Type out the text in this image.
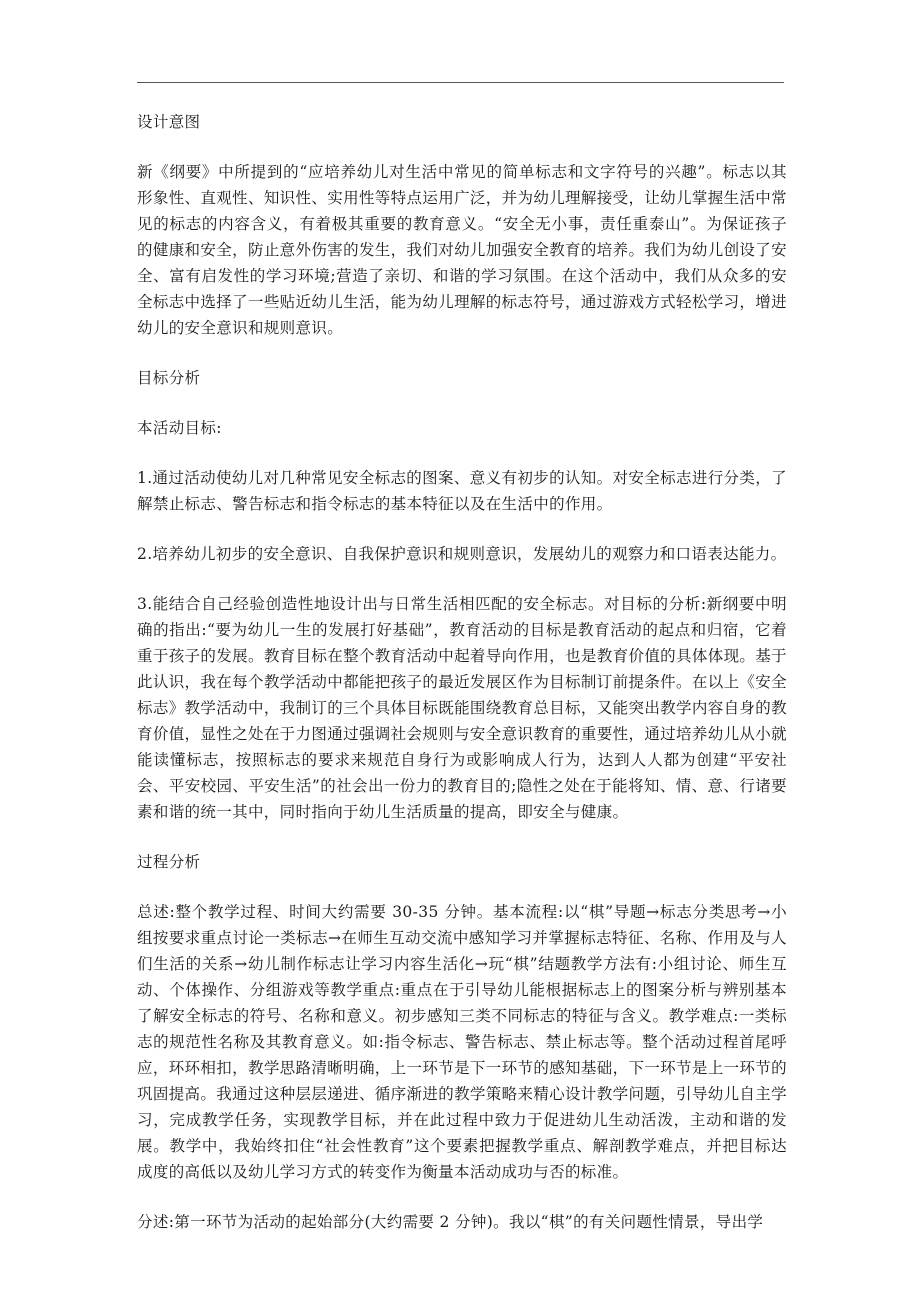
设计意图

新《纲要》中所提到的“应培养幼儿对生活中常见的简单标志和文字符号的兴趣”。标志以其形象性、直观性、知识性、实用性等特点运用广泛，并为幼儿理解接受，让幼儿掌握生活中常见的标志的内容含义，有着极其重要的教育意义。“安全无小事，责任重泰山”。为保证孩子的健康和安全，防止意外伤害的发生，我们对幼儿加强安全教育的培养。我们为幼儿创设了安全、富有启发性的学习环境;营造了亲切、和谐的学习氛围。在这个活动中，我们从众多的安全标志中选择了一些贴近幼儿生活，能为幼儿理解的标志符号，通过游戏方式轻松学习，增进幼儿的安全意识和规则意识。

目标分析

本活动目标:

1.通过活动使幼儿对几种常见安全标志的图案、意义有初步的认知。对安全标志进行分类，了解禁止标志、警告标志和指令标志的基本特征以及在生活中的作用。

2.培养幼儿初步的安全意识、自我保护意识和规则意识，发展幼儿的观察力和口语表达能力。

3.能结合自己经验创造性地设计出与日常生活相匹配的安全标志。对目标的分析:新纲要中明确的指出:“要为幼儿一生的发展打好基础”，教育活动的目标是教育活动的起点和归宿，它着重于孩子的发展。教育目标在整个教育活动中起着导向作用，也是教育价值的具体体现。基于此认识，我在每个教学活动中都能把孩子的最近发展区作为目标制订前提条件。在以上《安全标志》教学活动中，我制订的三个具体目标既能围绕教育总目标，又能突出教学内容自身的教育价值，显性之处在于力图通过强调社会规则与安全意识教育的重要性，通过培养幼儿从小就能读懂标志，按照标志的要求来规范自身行为或影响成人行为，达到人人都为创建“平安社会、平安校园、平安生活”的社会出一份力的教育目的;隐性之处在于能将知、情、意、行诸要素和谐的统一其中，同时指向于幼儿生活质量的提高，即安全与健康。

过程分析

总述:整个教学过程、时间大约需要 30-35 分钟。基本流程:以“棋”导题→标志分类思考→小组按要求重点讨论一类标志→在师生互动交流中感知学习并掌握标志特征、名称、作用及与人们生活的关系→幼儿制作标志让学习内容生活化→玩“棋”结题教学方法有:小组讨论、师生互动、个体操作、分组游戏等教学重点:重点在于引导幼儿能根据标志上的图案分析与辨别基本了解安全标志的符号、名称和意义。初步感知三类不同标志的特征与含义。教学难点:一类标志的规范性名称及其教育意义。如:指令标志、警告标志、禁止标志等。整个活动过程首尾呼应，环环相扣，教学思路清晰明确，上一环节是下一环节的感知基础，下一环节是上一环节的巩固提高。我通过这种层层递进、循序渐进的教学策略来精心设计教学问题，引导幼儿自主学习，完成教学任务，实现教学目标，并在此过程中致力于促进幼儿生动活泼，主动和谐的发展。教学中，我始终扣住“社会性教育”这个要素把握教学重点、解剖教学难点，并把目标达成度的高低以及幼儿学习方式的转变作为衡量本活动成功与否的标准。

分述:第一环节为活动的起始部分(大约需要 2 分钟)。我以“棋”的有关问题性情景，导出学
